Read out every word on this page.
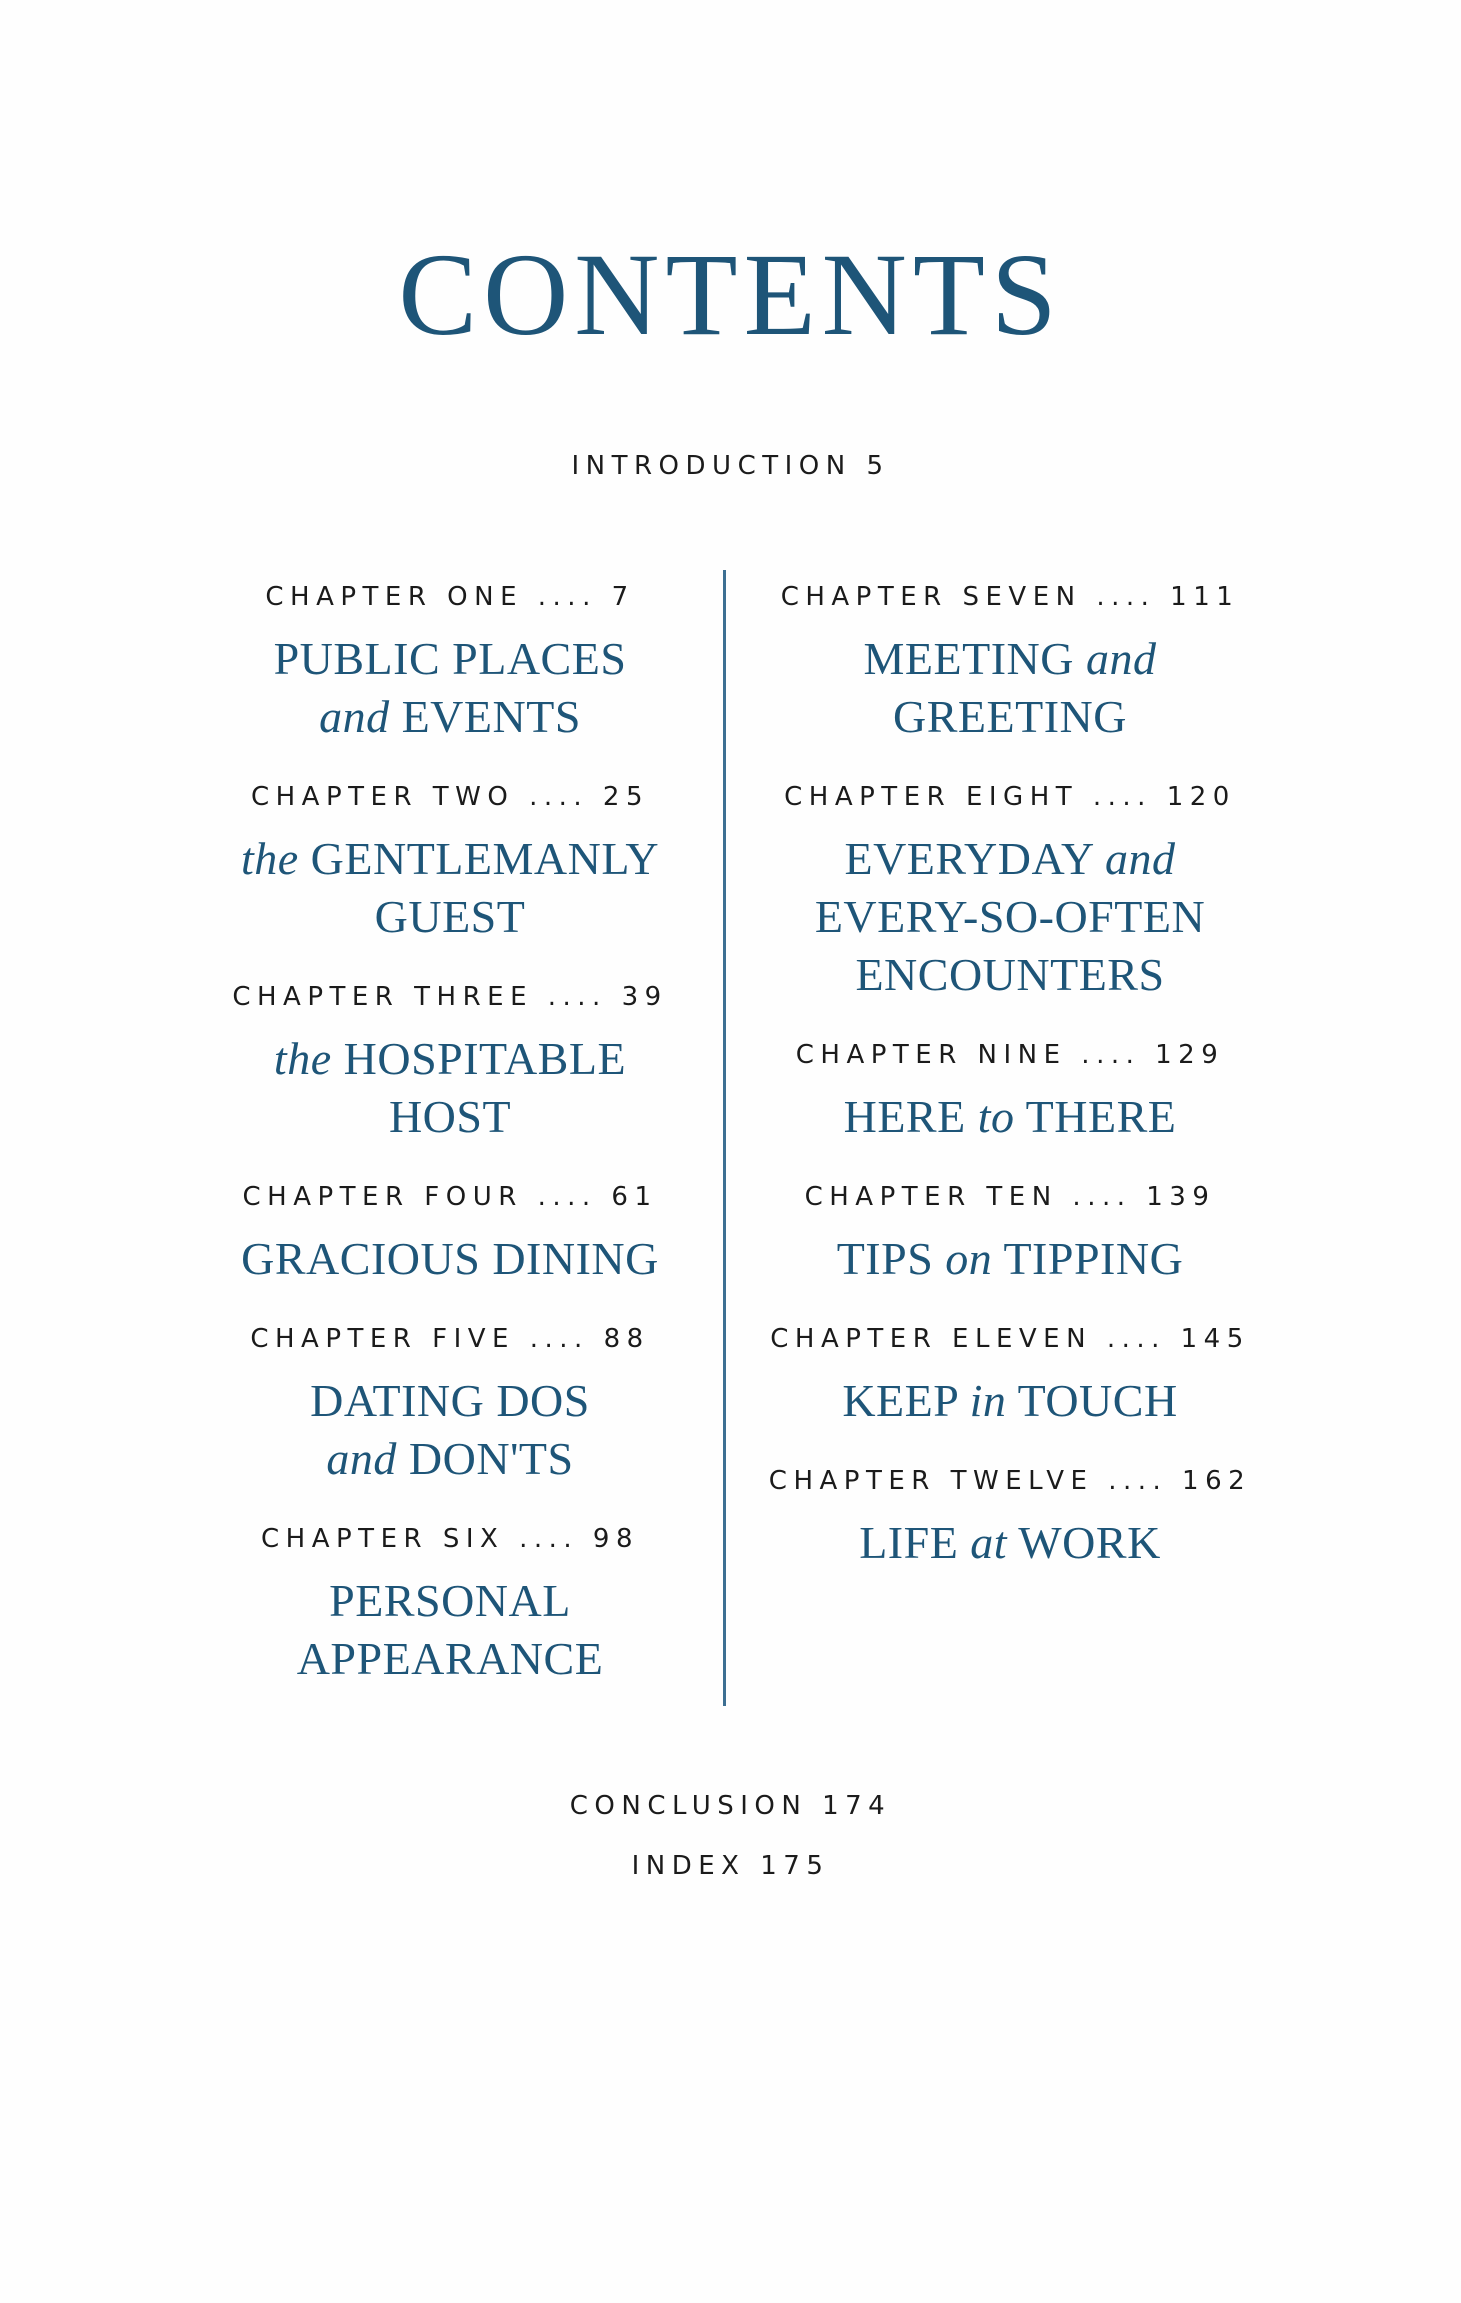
CONTENTS
INTRODUCTION 5
CHAPTER ONE .... 7
PUBLIC PLACES
and EVENTS
CHAPTER TWO .... 25
the GENTLEMANLY
GUEST
CHAPTER THREE .... 39
the HOSPITABLE
HOST
CHAPTER FOUR .... 61
GRACIOUS DINING
CHAPTER FIVE .... 88
DATING DOS
and DON'TS
CHAPTER SIX .... 98
PERSONAL
APPEARANCE
CHAPTER SEVEN .... 111
MEETING and
GREETING
CHAPTER EIGHT .... 120
EVERYDAY and
EVERY-SO-OFTEN
ENCOUNTERS
CHAPTER NINE .... 129
HERE to THERE
CHAPTER TEN .... 139
TIPS on TIPPING
CHAPTER ELEVEN .... 145
KEEP in TOUCH
CHAPTER TWELVE .... 162
LIFE at WORK
CONCLUSION 174
INDEX 175
